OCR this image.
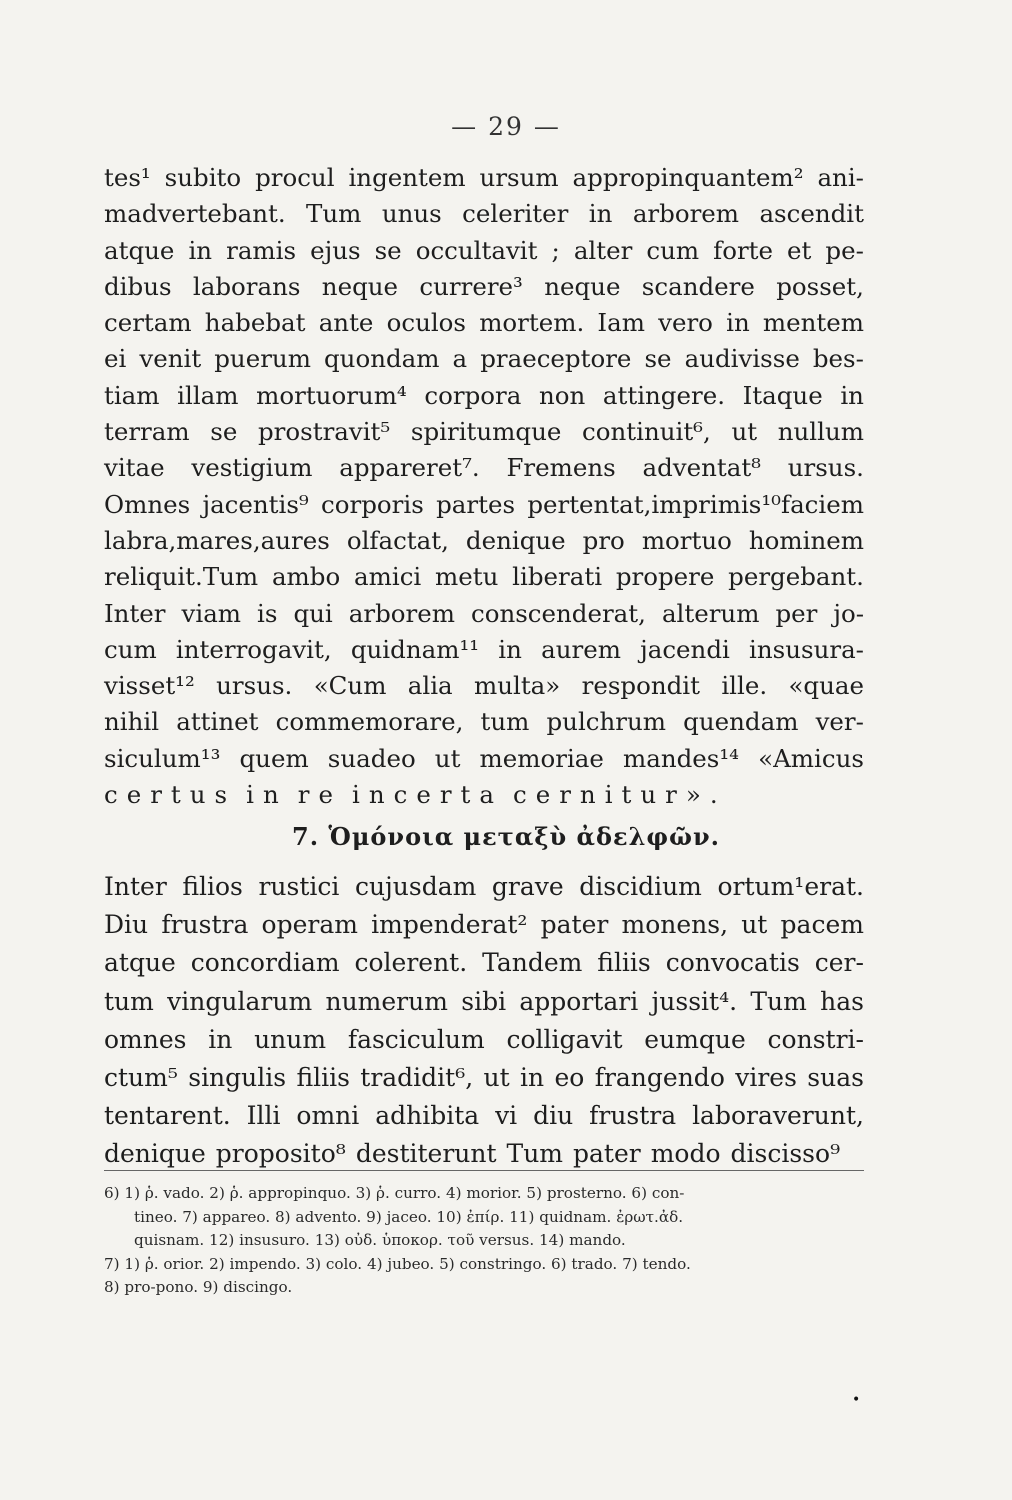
— 29 —
tes¹ subito procul ingentem ursum appropinquantem² ani-
madvertebant. Tum unus celeriter in arborem ascendit
atque in ramis ejus se occultavit ; alter cum forte et pe-
dibus laborans neque currere³ neque scandere posset,
certam habebat ante oculos mortem. Iam vero in mentem
ei venit puerum quondam a praeceptore se audivisse bes-
tiam illam mortuorum⁴ corpora non attingere. Itaque in
terram se prostravit⁵ spiritumque continuit⁶, ut nullum
vitae vestigium appareret⁷. Fremens adventat⁸ ursus.
Omnes jacentis⁹ corporis partes pertentat,imprimis¹⁰faciem
labra,mares,aures olfactat, denique pro mortuo hominem
reliquit.Tum ambo amici metu liberati propere pergebant.
Inter viam is qui arborem conscenderat, alterum per jo-
cum interrogavit, quidnam¹¹ in aurem jacendi insusura-
visset¹² ursus. «Cum alia multa» respondit ille. «quae
nihil attinet commemorare, tum pulchrum quendam ver-
siculum¹³ quem suadeo ut memoriae mandes¹⁴ «Amicus
certus in re incerta cernitur».
7. Ὁμόνοια μεταξὺ ἀδελφῶν.
Inter filios rustici cujusdam grave discidium ortum¹erat.
Diu frustra operam impenderat² pater monens, ut pacem
atque concordiam colerent. Tandem filiis convocatis cer-
tum vingularum numerum sibi apportari jussit⁴. Tum has
omnes in unum fasciculum colligavit eumque constri-
ctum⁵ singulis filiis tradidit⁶, ut in eo frangendo vires suas
tentarent. Illi omni adhibita vi diu frustra laboraverunt,
denique proposito⁸ destiterunt Tum pater modo discisso⁹
6) 1) ῥ. vado. 2) ῥ. appropinquo. 3) ῥ. curro. 4) morior. 5) prosterno. 6) con-
tineo. 7) appareo. 8) advento. 9) jaceo. 10) ἐπίρ. 11) quidnam. ἐρωτ.ἀδ.
quisnam. 12) insusuro. 13) οὐδ. ὑποκορ. τοῦ versus. 14) mando.
7) 1) ῥ. orior. 2) impendo. 3) colo. 4) jubeo. 5) constringo. 6) trado. 7) tendo.
8) pro-pono. 9) discingo.
•
